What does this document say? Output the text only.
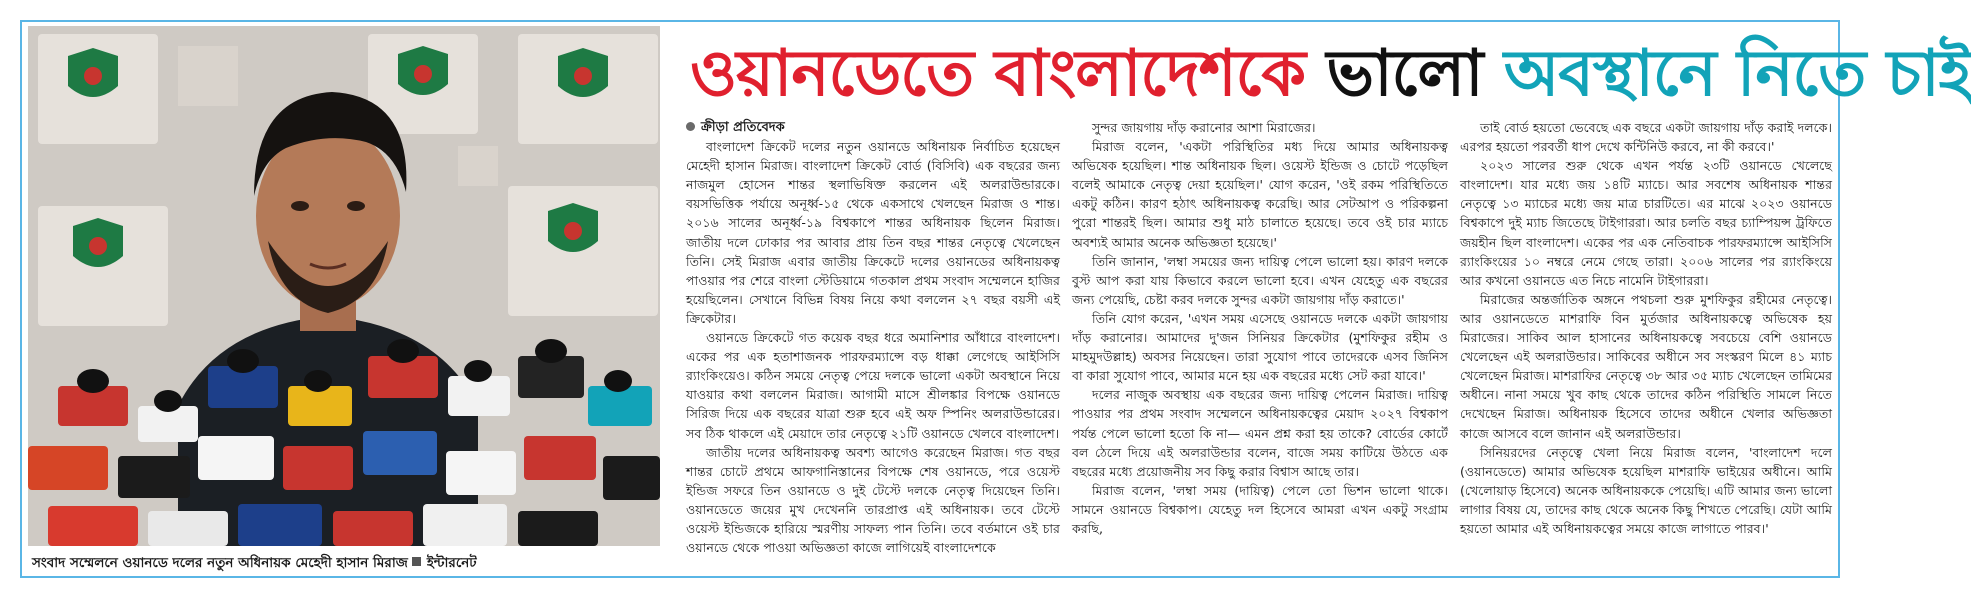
সংবাদ সম্মেলনে ওয়ানডে দলের নতুন অধিনায়ক মেহেদী হাসান মিরাজ ইন্টারনেট
ওয়ানডেতে বাংলাদেশকে ভালো অবস্থানে নিতে চাই

ক্রীড়া প্রতিবেদক

বাংলাদেশ ক্রিকেট দলের নতুন ওয়ানডে অধিনায়ক নির্বাচিত হয়েছেন মেহেদী হাসান মিরাজ। বাংলাদেশ ক্রিকেট বোর্ড (বিসিবি) এক বছরের জন্য নাজমুল হোসেন শান্তর স্থলাভিষিক্ত করলেন এই অলরাউন্ডারকে। বয়সভিত্তিক পর্যায়ে অনূর্ধ্ব-১৫ থেকে একসাথে খেলছেন মিরাজ ও শান্ত। ২০১৬ সালের অনূর্ধ্ব-১৯ বিশ্বকাপে শান্তর অধিনায়ক ছিলেন মিরাজ। জাতীয় দলে ঢোকার পর আবার প্রায় তিন বছর শান্তর নেতৃত্বে খেলেছেন তিনি। সেই মিরাজ এবার জাতীয় ক্রিকেটে দলের ওয়ানডের অধিনায়কত্ব পাওয়ার পর শেরে বাংলা স্টেডিয়ামে গতকাল প্রথম সংবাদ সম্মেলনে হাজির হয়েছিলেন। সেখানে বিভিন্ন বিষয় নিয়ে কথা বললেন ২৭ বছর বয়সী এই ক্রিকেটার।

ওয়ানডে ক্রিকেটে গত কয়েক বছর ধরে অমানিশার আঁধারে বাংলাদেশ। একের পর এক হতাশাজনক পারফরম্যান্সে বড় ধাক্কা লেগেছে আইসিসি র‍্যাংকিংয়েও। কঠিন সময়ে নেতৃত্ব পেয়ে দলকে ভালো একটা অবস্থানে নিয়ে যাওয়ার কথা বললেন মিরাজ। আগামী মাসে শ্রীলঙ্কার বিপক্ষে ওয়ানডে সিরিজ দিয়ে এক বছরের যাত্রা শুরু হবে এই অফ স্পিনিং অলরাউন্ডারের। সব ঠিক থাকলে এই মেয়াদে তার নেতৃত্বে ২১টি ওয়ানডে খেলবে বাংলাদেশ।

জাতীয় দলের অধিনায়কত্ব অবশ্য আগেও করেছেন মিরাজ। গত বছর শান্তর চোটে প্রথমে আফগানিস্তানের বিপক্ষে শেষ ওয়ানডে, পরে ওয়েস্ট ইন্ডিজ সফরে তিন ওয়ানডে ও দুই টেস্টে দলকে নেতৃত্ব দিয়েছেন তিনি। ওয়ানডেতে জয়ের মুখ দেখেননি তারপ্রাপ্ত এই অধিনায়ক। তবে টেস্টে ওয়েস্ট ইন্ডিজকে হারিয়ে স্মরণীয় সাফল্য পান তিনি। তবে বর্তমানে ওই চার ওয়ানডে থেকে পাওয়া অভিজ্ঞতা কাজে লাগিয়েই বাংলাদেশকে

সুন্দর জায়গায় দাঁড় করানোর আশা মিরাজের।

মিরাজ বলেন, 'একটা পরিস্থিতির মধ্য দিয়ে আমার অধিনায়কত্ব অভিষেক হয়েছিল। শান্ত অধিনায়ক ছিল। ওয়েস্ট ইন্ডিজ ও চোটে পড়েছিল বলেই আমাকে নেতৃত্ব দেয়া হয়েছিল।' যোগ করেন, 'ওই রকম পরিস্থিতিতে একটু কঠিন। কারণ হঠাৎ অধিনায়কত্ব করেছি। আর সেটআপ ও পরিকল্পনা পুরো শান্তরই ছিল। আমার শুধু মাঠ চালাতে হয়েছে। তবে ওই চার ম্যাচে অবশ্যই আমার অনেক অভিজ্ঞতা হয়েছে।'

তিনি জানান, 'লম্বা সময়ের জন্য দায়িত্ব পেলে ভালো হয়। কারণ দলকে বুস্ট আপ করা যায় কিভাবে করলে ভালো হবে। এখন যেহেতু এক বছরের জন্য পেয়েছি, চেষ্টা করব দলকে সুন্দর একটা জায়গায় দাঁড় করাতে।'

তিনি যোগ করেন, 'এখন সময় এসেছে ওয়ানডে দলকে একটা জায়গায় দাঁড় করানোর। আমাদের দু'জন সিনিয়র ক্রিকেটার (মুশফিকুর রহীম ও মাহমুদউল্লাহ) অবসর নিয়েছেন। তারা সুযোগ পাবে তাদেরকে এসব জিনিস বা কারা সুযোগ পাবে, আমার মনে হয় এক বছরের মধ্যে সেট করা যাবে।'

দলের নাজুক অবস্থায় এক বছরের জন্য দায়িত্ব পেলেন মিরাজ। দায়িত্ব পাওয়ার পর প্রথম সংবাদ সম্মেলনে অধিনায়কত্বের মেয়াদ ২০২৭ বিশ্বকাপ পর্যন্ত পেলে ভালো হতো কি না— এমন প্রশ্ন করা হয় তাকে? বোর্ডের কোর্টে বল ঠেলে দিয়ে এই অলরাউন্ডার বলেন, বাজে সময় কাটিয়ে উঠতে এক বছরের মধ্যে প্রয়োজনীয় সব কিছু করার বিশ্বাস আছে তার।

মিরাজ বলেন, 'লম্বা সময় (দায়িত্ব) পেলে তো ভিশন ভালো থাকে। সামনে ওয়ানডে বিশ্বকাপ। যেহেতু দল হিসেবে আমরা এখন একটু সংগ্রাম করছি,

তাই বোর্ড হয়তো ভেবেছে এক বছরে একটা জায়গায় দাঁড় করাই দলকে। এরপর হয়তো পরবর্তী ধাপ দেখে কন্টিনিউ করবে, না কী করবে।'

২০২৩ সালের শুরু থেকে এখন পর্যন্ত ২৩টি ওয়ানডে খেলেছে বাংলাদেশ। যার মধ্যে জয় ১৪টি ম্যাচে। আর সবশেষ অধিনায়ক শান্তর নেতৃত্বে ১৩ ম্যাচের মধ্যে জয় মাত্র চারটিতে। এর মাঝে ২০২৩ ওয়ানডে বিশ্বকাপে দুই ম্যাচ জিতেছে টাইগাররা। আর চলতি বছর চ্যাম্পিয়ন্স ট্রফিতে জয়হীন ছিল বাংলাদেশ। একের পর এক নেতিবাচক পারফরম্যান্সে আইসিসি র‍্যাংকিংয়ের ১০ নম্বরে নেমে গেছে তারা। ২০০৬ সালের পর র‍্যাংকিংয়ে আর কখনো ওয়ানডে এত নিচে নামেনি টাইগাররা।

মিরাজের অন্তর্জাতিক অঙ্গনে পথচলা শুরু মুশফিকুর রহীমের নেতৃত্বে। আর ওয়ানডেতে মাশরাফি বিন মুর্তজার অধিনায়কত্বে অভিষেক হয় মিরাজের। সাকিব আল হাসানের অধিনায়কত্বে সবচেয়ে বেশি ওয়ানডে খেলেছেন এই অলরাউন্ডার। সাকিবের অধীনে সব সংস্করণ মিলে ৪১ ম্যাচ খেলেছেন মিরাজ। মাশরাফির নেতৃত্বে ৩৮ আর ৩৫ ম্যাচ খেলেছেন তামিমের অধীনে। নানা সময়ে খুব কাছ থেকে তাদের কঠিন পরিস্থিতি সামলে নিতে দেখেছেন মিরাজ। অধিনায়ক হিসেবে তাদের অধীনে খেলার অভিজ্ঞতা কাজে আসবে বলে জানান এই অলরাউন্ডার।

সিনিয়রদের নেতৃত্বে খেলা নিয়ে মিরাজ বলেন, 'বাংলাদেশ দলে (ওয়ানডেতে) আমার অভিষেক হয়েছিল মাশরাফি ভাইয়ের অধীনে। আমি (খেলোয়াড় হিসেবে) অনেক অধিনায়ককে পেয়েছি। এটি আমার জন্য ভালো লাগার বিষয় যে, তাদের কাছ থেকে অনেক কিছু শিখতে পেরেছি। যেটা আমি হয়তো আমার এই অধিনায়কত্বের সময়ে কাজে লাগাতে পারব।'
